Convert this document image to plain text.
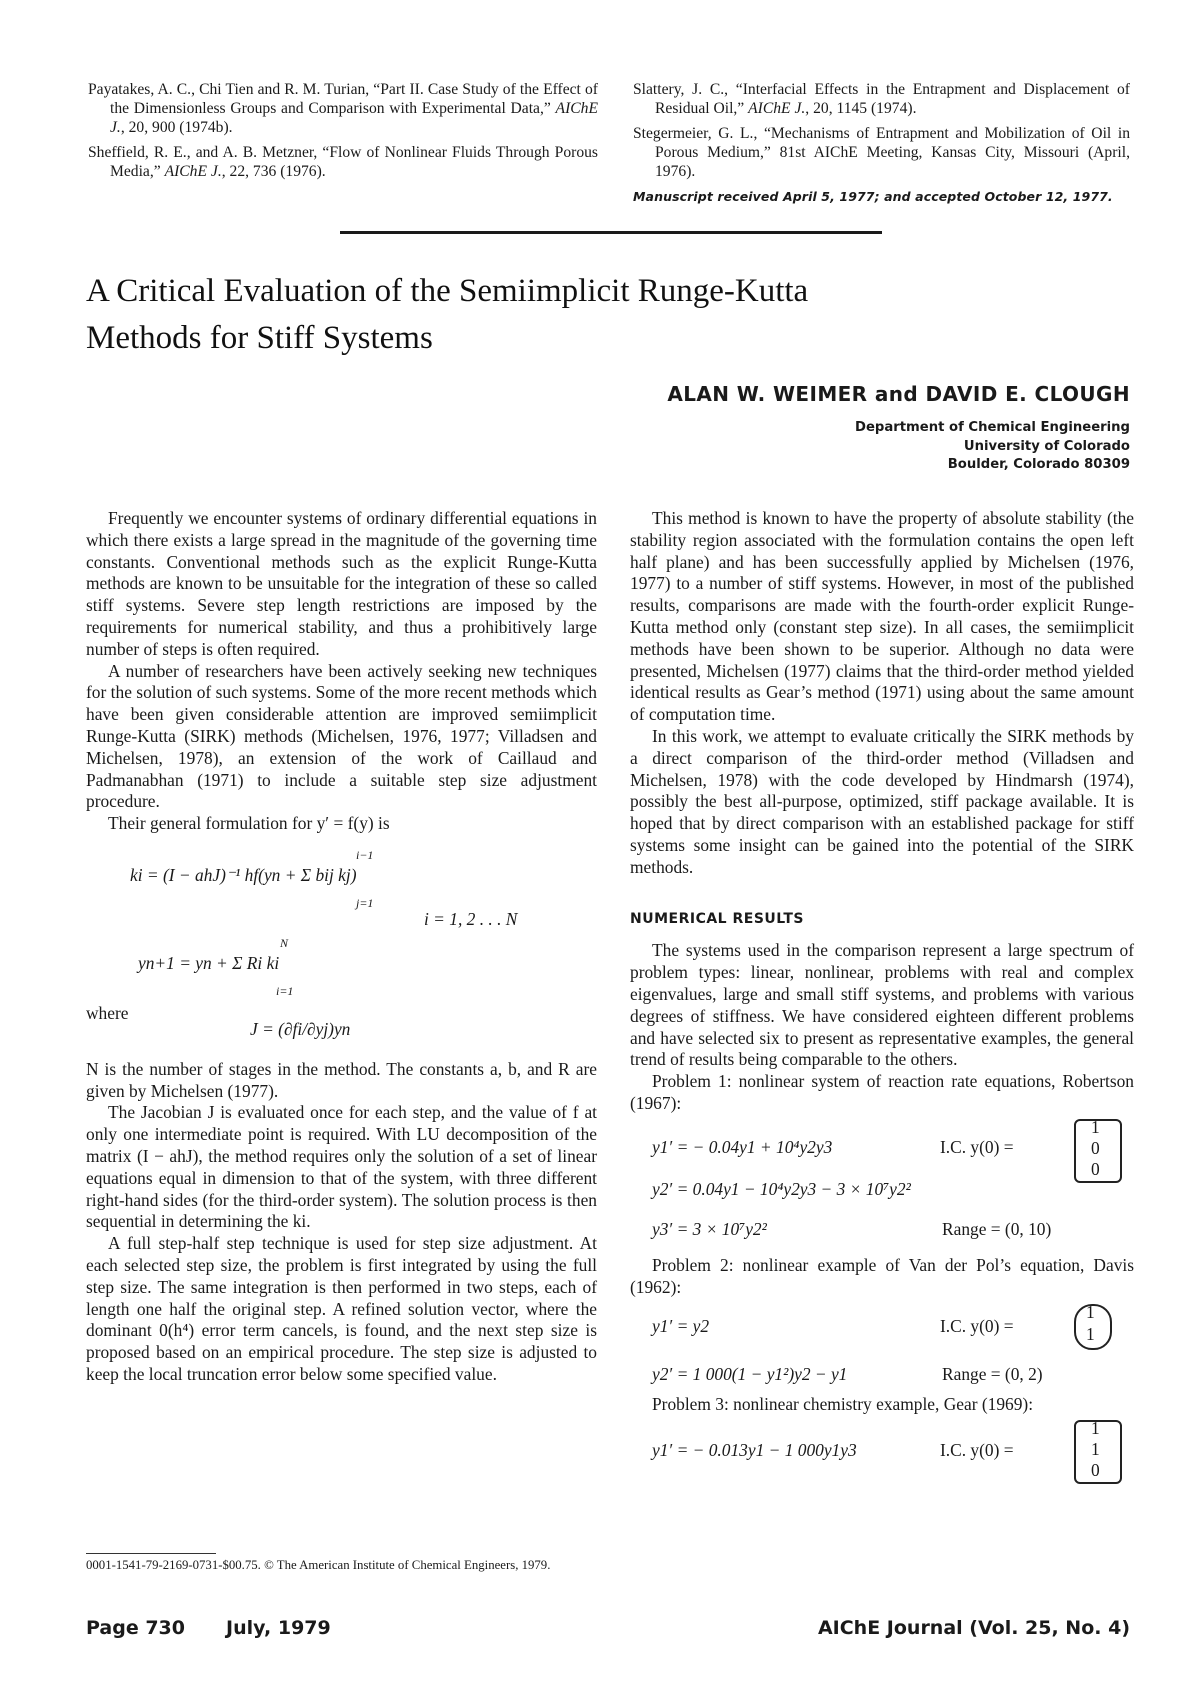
Payatakes, A. C., Chi Tien and R. M. Turian, “Part II. Case Study of the Effect of the Dimensionless Groups and Comparison with Experimental Data,” AIChE J., 20, 900 (1974b).
Sheffield, R. E., and A. B. Metzner, “Flow of Nonlinear Fluids Through Porous Media,” AIChE J., 22, 736 (1976).
Slattery, J. C., “Interfacial Effects in the Entrapment and Displacement of Residual Oil,” AIChE J., 20, 1145 (1974).
Stegermeier, G. L., “Mechanisms of Entrapment and Mobilization of Oil in Porous Medium,” 81st AIChE Meeting, Kansas City, Missouri (April, 1976).
Manuscript received April 5, 1977; and accepted October 12, 1977.
A Critical Evaluation of the Semiimplicit Runge-Kutta
Methods for Stiff Systems
ALAN W. WEIMER and DAVID E. CLOUGH
Department of Chemical Engineering
University of Colorado
Boulder, Colorado 80309

Frequently we encounter systems of ordinary differential equations in which there exists a large spread in the magnitude of the governing time constants. Conventional methods such as the explicit Runge-Kutta methods are known to be unsuitable for the integration of these so called stiff systems. Severe step length restrictions are imposed by the requirements for numerical stability, and thus a prohibitively large number of steps is often required.

A number of researchers have been actively seeking new techniques for the solution of such systems. Some of the more recent methods which have been given considerable attention are improved semiimplicit Runge-Kutta (SIRK) methods (Michelsen, 1976, 1977; Villadsen and Michelsen, 1978), an extension of the work of Caillaud and Padmanabhan (1971) to include a suitable step size adjustment procedure.

Their general formulation for y′ = f(y) is

ki = (I − ahJ)⁻¹ hf(yn + Σ bij kj)
i−1
j=1
i = 1, 2 . . . N
yn+1 = yn + Σ Ri ki
N
i=1

where

J = (∂fi/∂yj)yn

N is the number of stages in the method. The constants a, b, and R are given by Michelsen (1977).

The Jacobian J is evaluated once for each step, and the value of f at only one intermediate point is required. With LU decomposition of the matrix (I − ahJ), the method requires only the solution of a set of linear equations equal in dimension to that of the system, with three different right-hand sides (for the third-order system). The solution process is then sequential in determining the ki.

A full step-half step technique is used for step size adjustment. At each selected step size, the problem is first integrated by using the full step size. The same integration is then performed in two steps, each of length one half the original step. A refined solution vector, where the dominant 0(h⁴) error term cancels, is found, and the next step size is proposed based on an empirical procedure. The step size is adjusted to keep the local truncation error below some specified value.

This method is known to have the property of absolute stability (the stability region associated with the formulation contains the open left half plane) and has been successfully applied by Michelsen (1976, 1977) to a number of stiff systems. However, in most of the published results, comparisons are made with the fourth-order explicit Runge-Kutta method only (constant step size). In all cases, the semiimplicit methods have been shown to be superior. Although no data were presented, Michelsen (1977) claims that the third-order method yielded identical results as Gear’s method (1971) using about the same amount of computation time.

In this work, we attempt to evaluate critically the SIRK methods by a direct comparison of the third-order method (Villadsen and Michelsen, 1978) with the code developed by Hindmarsh (1974), possibly the best all-purpose, optimized, stiff package available. It is hoped that by direct comparison with an established package for stiff systems some insight can be gained into the potential of the SIRK methods.

NUMERICAL RESULTS

The systems used in the comparison represent a large spectrum of problem types: linear, nonlinear, problems with real and complex eigenvalues, large and small stiff systems, and problems with various degrees of stiffness. We have considered eighteen different problems and have selected six to present as representative examples, the general trend of results being comparable to the others.

Problem 1: nonlinear system of reaction rate equations, Robertson (1967):

y1′ = − 0.04y1 + 10⁴y2y3	I.C. y(0) =
1
0
0
y2′ = 0.04y1 − 10⁴y2y3 − 3 × 10⁷y2²
y3′ = 3 × 10⁷y2²	Range = (0, 10)

Problem 2: nonlinear example of Van der Pol’s equation, Davis (1962):

y1′ = y2	I.C. y(0) =
1
1
y2′ = 1 000(1 − y1²)y2 − y1	Range = (0, 2)

Problem 3: nonlinear chemistry example, Gear (1969):

y1′ = − 0.013y1 − 1 000y1y3	I.C. y(0) =
1
1
0
0001-1541-79-2169-0731-$00.75. © The American Institute of Chemical Engineers, 1979.
Page 730 July, 1979	AIChE Journal (Vol. 25, No. 4)
